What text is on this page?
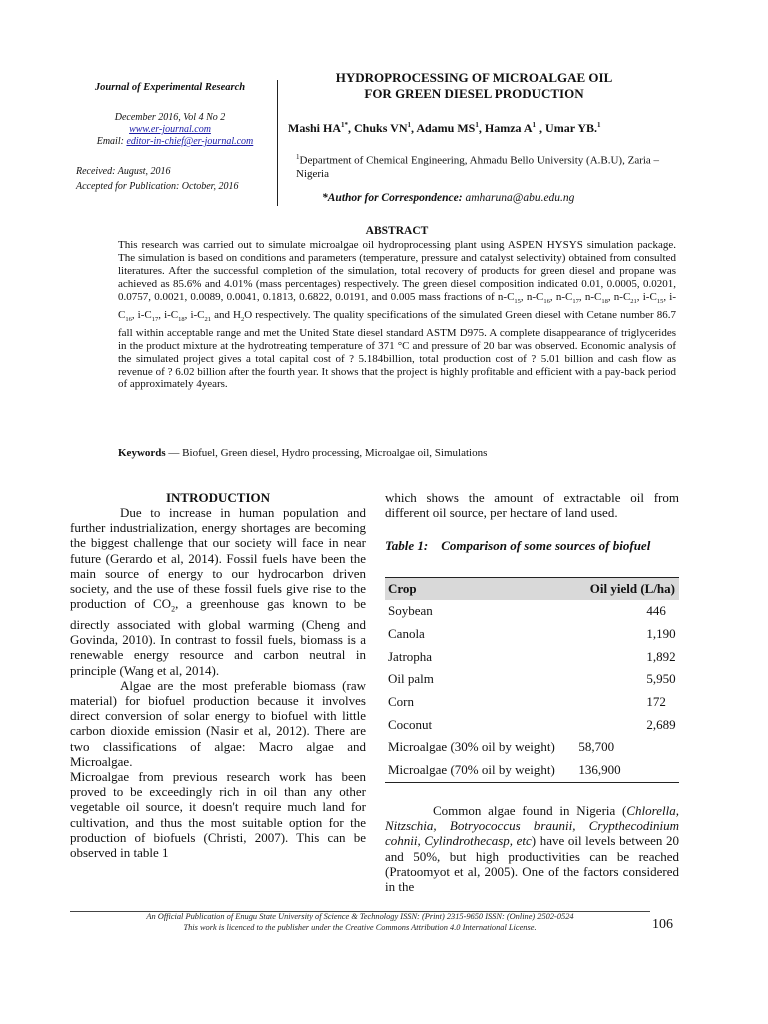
Journal of Experimental Research
December 2016, Vol 4 No 2
www.er-journal.com
Email: editor-in-chief@er-journal.com
Received: August, 2016
Accepted for Publication: October, 2016
HYDROPROCESSING OF MICROALGAE OIL
FOR GREEN DIESEL PRODUCTION
Mashi $HA^{1*}$, Chuks $VN^1$, Adamu $MS^1$, Hamza $A^1$ , Umar YB.$^1$
$^1$Department of Chemical Engineering, Ahmadu Bello University (A.B.U), Zaria –Nigeria
*Author for Correspondence: amharuna@abu.edu.ng
ABSTRACT
This research was carried out to simulate microalgae oil hydroprocessing plant using ASPEN HYSYS simulation package. The simulation is based on conditions and parameters (temperature, pressure and catalyst selectivity) obtained from consulted literatures. After the successful completion of the simulation, total recovery of products for green diesel and propane was achieved as 85.6% and 4.01% (mass percentages) respectively. The green diesel composition indicated 0.01, 0.0005, 0.0201, 0.0757, 0.0021, 0.0089, 0.0041, 0.1813, 0.6822, 0.0191, and 0.005 mass fractions of $n-C_{15}$, $n-C_{16}$, $n-C_{17}$, $n-C_{18}$, $n-C_{21}$, $i-C_{15}$, $i-C_{16}$, $i-C_{17}$, $i-C_{18}$, $i-C_{21}$ and $H_2O$ respectively. The quality specifications of the simulated Green diesel with Cetane number 86.7 fall within acceptable range and met the United State diesel standard ASTM D975. A complete disappearance of triglycerides in the product mixture at the hydrotreating temperature of 371 °C and pressure of 20 bar was observed. Economic analysis of the simulated project gives a total capital cost of ? 5.184billion, total production cost of ? 5.01 billion and cash flow as revenue of ? 6.02 billion after the fourth year. It shows that the project is highly profitable and efficient with a pay-back period of approximately 4years.
Keywords — Biofuel, Green diesel, Hydro processing, Microalgae oil, Simulations
INTRODUCTION

Due to increase in human population and further industrialization, energy shortages are becoming the biggest challenge that our society will face in near future (Gerardo et al, 2014). Fossil fuels have been the main source of energy to our hydrocarbon driven society, and the use of these fossil fuels give rise to the production of $CO_2$, a greenhouse gas known to be directly associated with global warming (Cheng and Govinda, 2010). In contrast to fossil fuels, biomass is a renewable energy resource and carbon neutral in principle (Wang et al, 2014).

Algae are the most preferable biomass (raw material) for biofuel production because it involves direct conversion of solar energy to biofuel with little carbon dioxide emission (Nasir et al, 2012). There are two classifications of algae: Macro algae and Microalgae.

Microalgae from previous research work has been proved to be exceedingly rich in oil than any other vegetable oil source, it doesn't require much land for cultivation, and thus the most suitable option for the production of biofuels (Christi, 2007). This can be observed in table 1

which shows the amount of extractable oil from different oil source, per hectare of land used.
Table 1: Comparison of some sources of biofuel
Crop	Oil yield (L/ha)
Soybean	446
Canola	1,190
Jatropha	1,892
Oil palm	5,950
Corn	172
Coconut	2,689
Microalgae (30% oil by weight)	58,700
Microalgae (70% oil by weight)	136,900
Common algae found in Nigeria (Chlorella, Nitzschia, Botryococcus braunii, Crypthecodinium cohnii, Cylindrothecasp, etc) have oil levels between 20 and 50%, but high productivities can be reached (Pratoomyot et al, 2005). One of the factors considered in the
An Official Publication of Enugu State University of Science & Technology ISSN: (Print) 2315-9650 ISSN: (Online) 2502-0524
This work is licenced to the publisher under the Creative Commons Attribution 4.0 International License.	106
